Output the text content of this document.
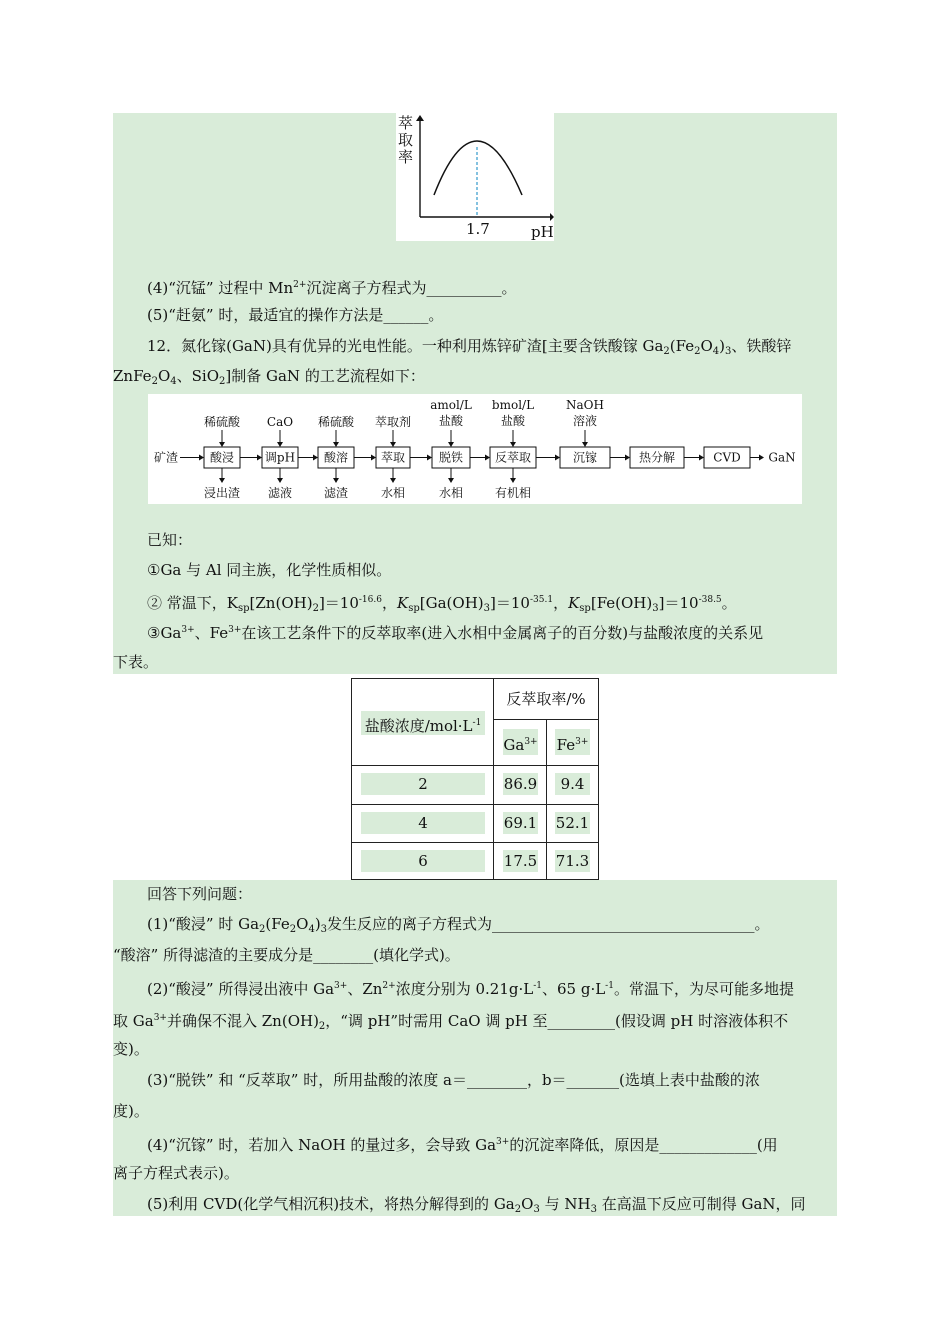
萃取率
1.7	pH
(4)“沉锰” 过程中 $Mn^{2+}$沉淀离子方程式为__________。
(5)“赶氨” 时，最适宜的操作方法是______。
12．氮化镓(GaN)具有优异的光电性能。一种利用炼锌矿渣[主要含铁酸镓 $Ga_2(Fe_2O_4)_3$、铁酸锌
$ZnFe_2O_4$、SiO$_2$]制备 GaN 的工艺流程如下：
矿渣	酸浸	调pH 酸溶	萃取	脱铁	反萃取	沉镓	热分解	CVD GaN
稀硫酸 CaO 稀硫酸 萃取剂
amol/L
盐酸
bmol/L
盐酸
NaOH
溶液
浸出渣 滤液	滤渣	水相	水相	有机相
已知：
①Ga 与 Al 同主族，化学性质相似。
② 常温下，$K_{sp}[Zn(OH)_2]=10^{-16.6}$，$K_{sp}[Ga(OH)_3]=10^{-35.1}$，$K_{sp}[Fe(OH)_3]=10^{-38.5}$。
$③Ga^{3+}$、$Fe^{3+}$在该工艺条件下的反萃取率(进入水相中金属离子的百分数)与盐酸浓度的关系见
下表。
盐酸浓度$/mol\cdot L^{-1}$
反萃取率/%
$Ga^{3+}$ $Fe^{3+}$
2	86.9	9.4
4	69.1	52.1
6	17.5	71.3
回答下列问题：
(1)“酸浸” 时 $Ga_2(Fe_2O_4)_3$发生反应的离子方程式为___________________________________。
“酸溶” 所得滤渣的主要成分是________(填化学式)。
(2)“酸浸” 所得浸出液中 $Ga^{3+}$、$Zn^{2+}$浓度分别为 $0.21g\cdot L^{-1}$、65 $g\cdot L^{-1}$。常温下，为尽可能多地提
取 $Ga^{3+}$并确保不混入 $Zn(OH)_2$，“调 pH”时需用 CaO 调 pH 至_________(假设调 pH 时溶液体积不
变)。
(3)“脱铁” 和 “反萃取” 时，所用盐酸的浓度 a＝________，b＝_______(选填上表中盐酸的浓
度)。
(4)“沉镓” 时，若加入 NaOH 的量过多，会导致 $Ga^{3+}$的沉淀率降低，原因是_____________(用
离子方程式表示)。
(5)利用 CVD(化学气相沉积)技术，将热分解得到的 $Ga_2O_3$ 与 $NH_3$ 在高温下反应可制得 GaN，同
